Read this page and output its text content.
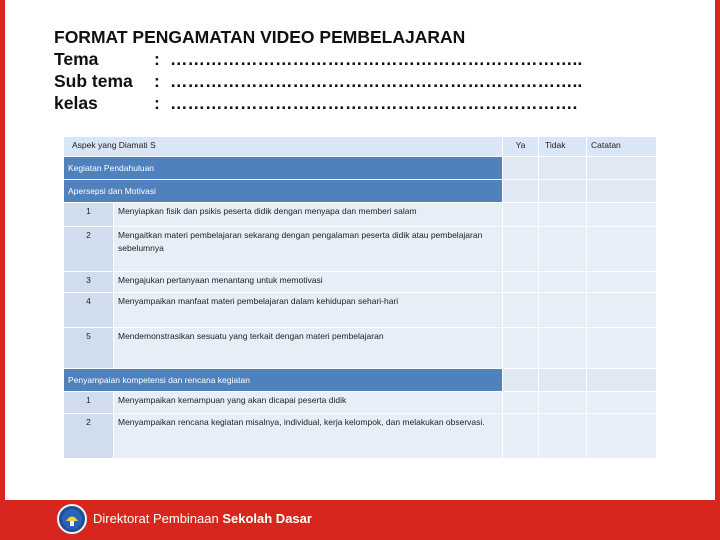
FORMAT PENGAMATAN VIDEO PEMBELAJARAN
Tema	: ……………………………………………………………..
Sub tema	: ……………………………………………………………..
kelas	: …………………………………………………………….
Aspek yang Diamati S		Ya	Tidak	Catatan
Kegiatan Pendahuluan				
Apersepsi dan Motivasi				
1	Menyiapkan fisik dan psikis peserta didik dengan menyapa dan memberi salam			
2	Mengaitkan materi pembelajaran sekarang dengan pengalaman peserta didik atau pembelajaran sebelumnya			
3	Mengajukan pertanyaan menantang untuk memotivasi			
4	Menyampaikan manfaat materi pembelajaran dalam kehidupan sehari-hari			
5	Mendemonstrasikan sesuatu yang terkait dengan materi pembelajaran			
Penyampaian kompetensi dan rencana kegiatan				
1	Menyampaikan kemampuan yang akan dicapai peserta didik			
2	Menyampaikan rencana kegiatan misalnya, individual, kerja kelompok, dan melakukan observasi.			
Direktorat Pembinaan Sekolah Dasar
